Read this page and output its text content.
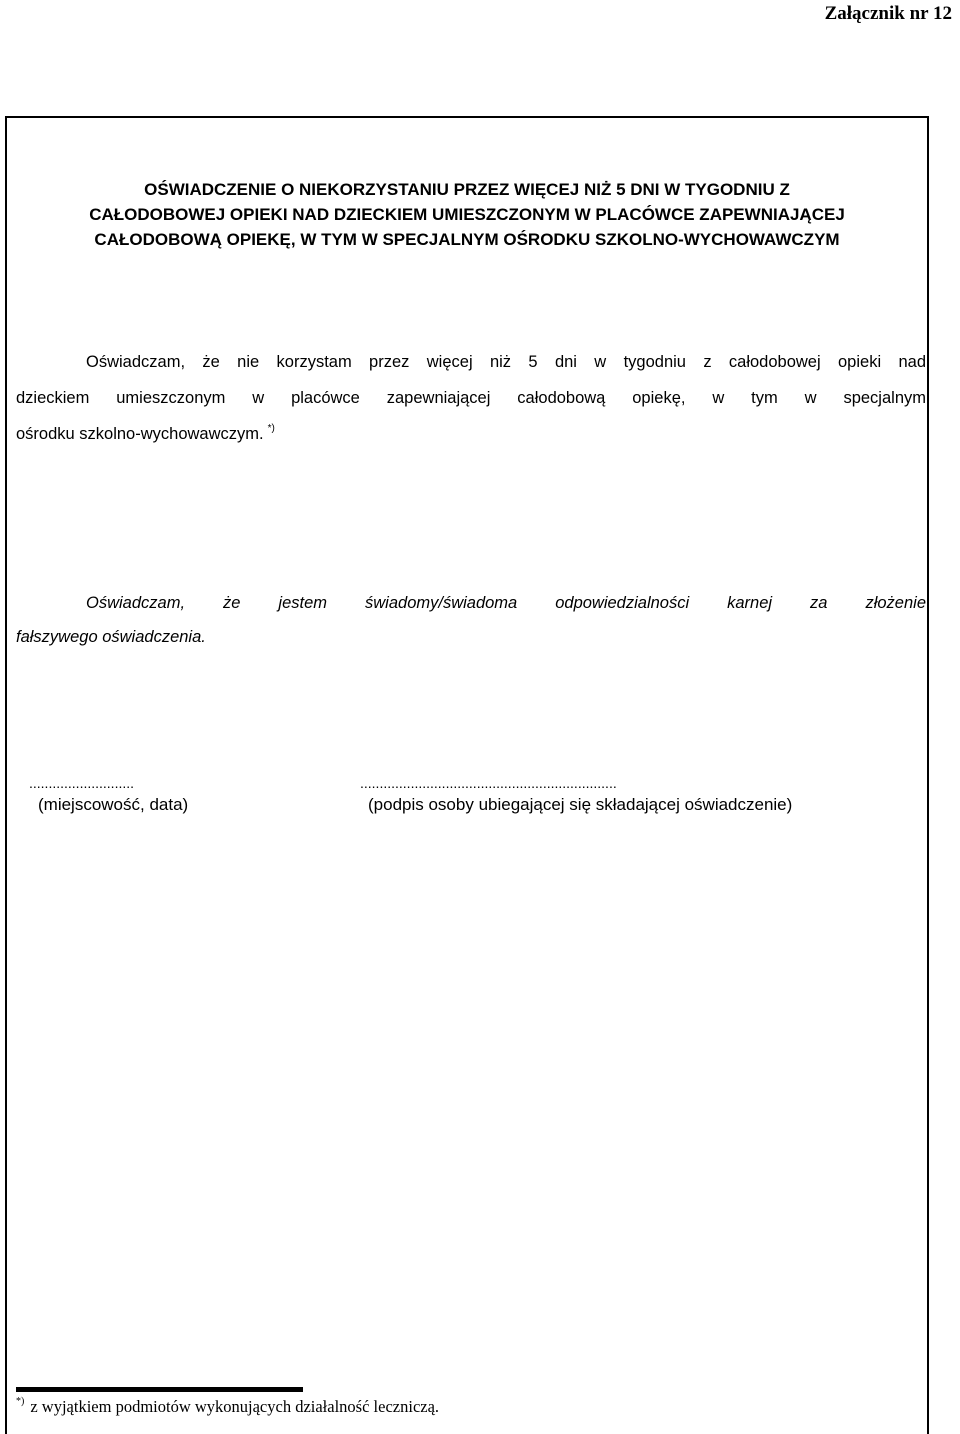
Załącznik nr 12
OŚWIADCZENIE O NIEKORZYSTANIU PRZEZ WIĘCEJ NIŻ 5 DNI W TYGODNIU Z
CAŁODOBOWEJ OPIEKI NAD DZIECKIEM UMIESZCZONYM W PLACÓWCE ZAPEWNIAJĄCEJ
CAŁODOBOWĄ OPIEKĘ, W TYM W SPECJALNYM OŚRODKU SZKOLNO-WYCHOWAWCZYM

Oświadczam, że nie korzystam przez więcej niż 5 dni w tygodniu z całodobowej opieki nad
dzieckiem umieszczonym w placówce zapewniającej całodobową opiekę, w tym w specjalnym
ośrodku szkolno-wychowawczym. *)

Oświadczam, że jestem świadomy/świadoma odpowiedzialności karnej za złożenie
fałszywego oświadczenia.

...........................
(miejscowość, data)
..................................................................
(podpis osoby ubiegającej się składającej oświadczenie)
*) z wyjątkiem podmiotów wykonujących działalność leczniczą.
